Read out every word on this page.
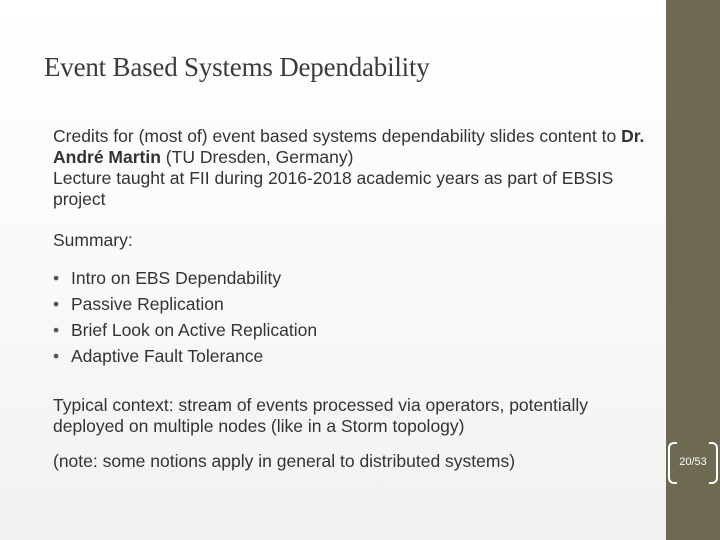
Event Based Systems Dependability

Credits for (most of) event based systems dependability slides content to Dr. André Martin (TU Dresden, Germany)

Lecture taught at FII during 2016-2018 academic years as part of EBSIS project

Summary:

• Intro on EBS Dependability
• Passive Replication
• Brief Look on Active Replication
• Adaptive Fault Tolerance

Typical context: stream of events processed via operators, potentially deployed on multiple nodes (like in a Storm topology)

(note: some notions apply in general to distributed systems)	20/53
